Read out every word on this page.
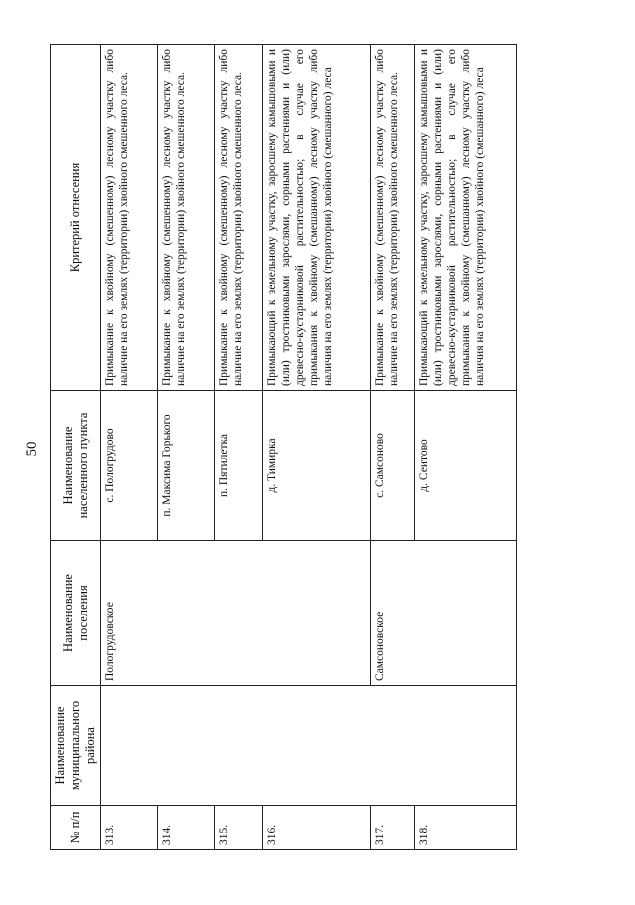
50
№ п/п	Наименование муниципального района	Наименование поселения	Наименование населенного пункта	Критерий отнесения
313.		Пологрудовское	с. Пологрудово	Примыкание к хвойному (смешенному) лесному участку либо наличие на его землях (территории) хвойного смешенного леса.
314.			п. Максима Горького	Примыкание к хвойному (смешенному) лесному участку либо наличие на его землях (территории) хвойного смешенного леса.
315.			п. Пятилетка	Примыкание к хвойному (смешенному) лесному участку либо наличие на его землях (территории) хвойного смешенного леса.
316.			д. Тимирка	Примыкающий к земельному участку, заросшему камышовыми и (или) тростниковыми зарослями, сорными растениями и (или) древесно-кустарниковой растительностью; в случае его примыкания к хвойному (смешанному) лесному участку либо наличия на его землях (территории) хвойного (смешанного) леса
317.		Самсоновское	с. Самсоново	Примыкание к хвойному (смешенному) лесному участку либо наличие на его землях (территории) хвойного смешенного леса.
318.			д. Сеитово	Примыкающий к земельному участку, заросшему камышовыми и (или) тростниковыми зарослями, сорными растениями и (или) древесно-кустарниковой растительностью; в случае его примыкания к хвойному (смешанному) лесному участку либо наличия на его землях (территории) хвойного (смешанного) леса
